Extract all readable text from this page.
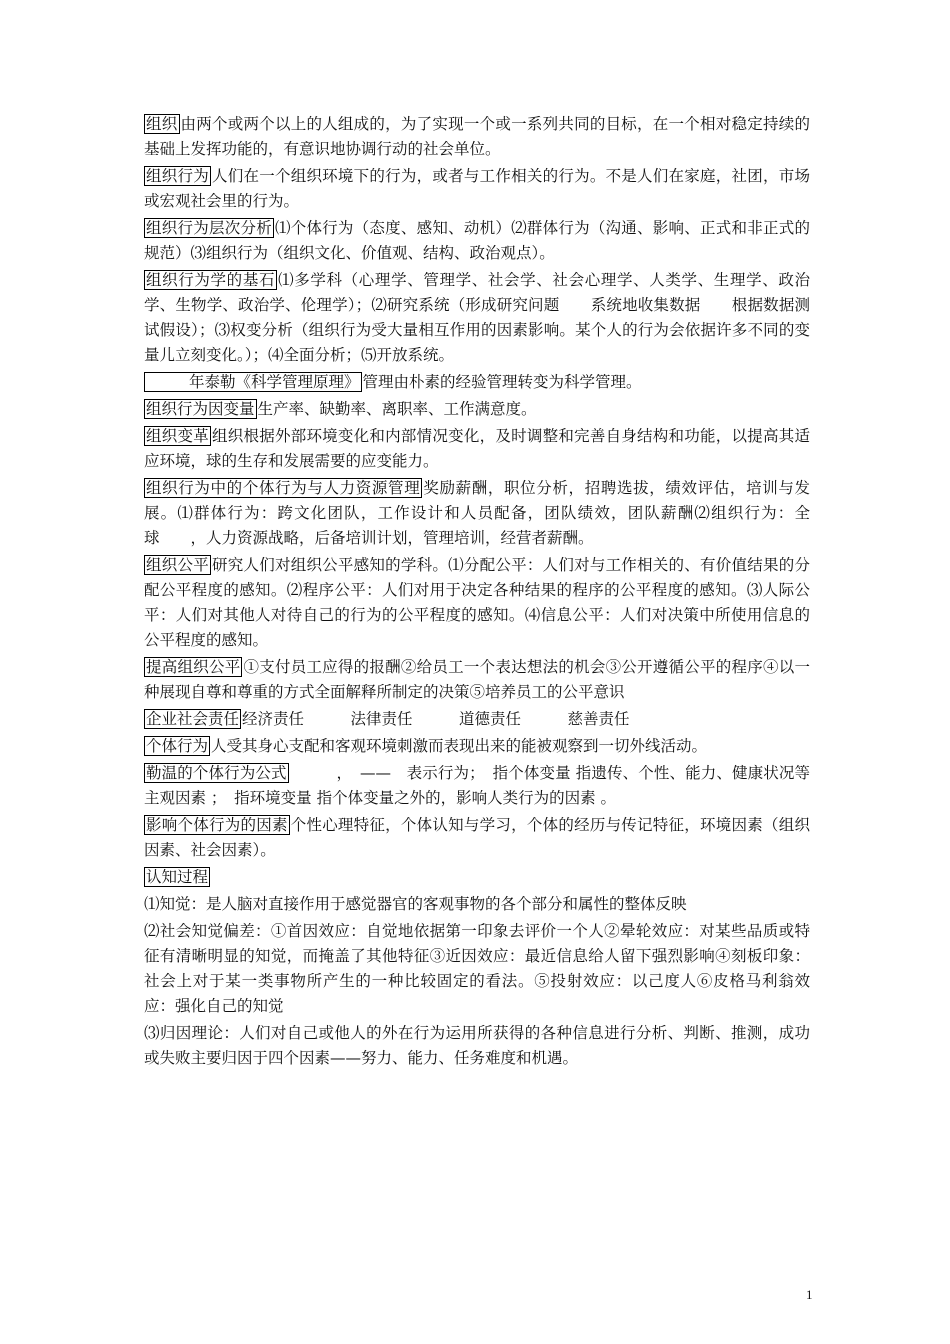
组织 由两个或两个以上的人组成的，为了实现一个或一系列共同的目标，在一个相对稳定持续的基础上发挥功能的，有意识地协调行动的社会单位。
组织行为 人们在一个组织环境下的行为，或者与工作相关的行为。不是人们在家庭，社团，市场或宏观社会里的行为。
组织行为层次分析 ⑴个体行为（态度、感知、动机）⑵群体行为（沟通、影响、正式和非正式的规范）⑶组织行为（组织文化、价值观、结构、政治观点）。
组织行为学的基石 ⑴多学科（心理学、管理学、社会学、社会心理学、人类学、生理学、政治学、生物学、政治学、伦理学）；⑵研究系统（形成研究问题　　系统地收集数据　　根据数据测试假设）；⑶权变分析（组织行为受大量相互作用的因素影响。某个人的行为会依据许多不同的变量儿立刻变化。）；⑷全面分析；⑸开放系统。
年泰勒《科学管理原理》 管理由朴素的经验管理转变为科学管理。
组织行为因变量 生产率、缺勤率、离职率、工作满意度。
组织变革 组织根据外部环境变化和内部情况变化，及时调整和完善自身结构和功能，以提高其适应环境，球的生存和发展需要的应变能力。
组织行为中的个体行为与人力资源管理 奖励薪酬，职位分析，招聘选拔，绩效评估，培训与发展。⑴群体行为：跨文化团队，工作设计和人员配备，团队绩效，团队薪酬⑵组织行为：全球　　，人力资源战略，后备培训计划，管理培训，经营者薪酬。
组织公平 研究人们对组织公平感知的学科。⑴分配公平：人们对与工作相关的、有价值结果的分配公平程度的感知。⑵程序公平：人们对用于决定各种结果的程序的公平程度的感知。⑶人际公平：人们对其他人对待自己的行为的公平程度的感知。⑷信息公平：人们对决策中所使用信息的公平程度的感知。
提高组织公平 ①支付员工应得的报酬②给员工一个表达想法的机会③公开遵循公平的程序④以一种展现自尊和尊重的方式全面解释所制定的决策⑤培养员工的公平意识
企业社会责任 经济责任　　　法律责任　　　道德责任　　　慈善责任
个体行为 人受其身心支配和客观环境刺激而表现出来的能被观察到一切外线活动。
勒温的个体行为公式　　　，　——　表示行为；　指个体变量 指遗传、个性、能力、健康状况等主观因素 ；　指环境变量 指个体变量之外的，影响人类行为的因素 。
影响个体行为的因素 个性心理特征，个体认知与学习，个体的经历与传记特征，环境因素（组织因素、社会因素）。
认知过程
⑴知觉：是人脑对直接作用于感觉器官的客观事物的各个部分和属性的整体反映
⑵社会知觉偏差：①首因效应：自觉地依据第一印象去评价一个人②晕轮效应：对某些品质或特征有清晰明显的知觉，而掩盖了其他特征③近因效应：最近信息给人留下强烈影响④刻板印象：社会上对于某一类事物所产生的一种比较固定的看法。⑤投射效应：以己度人⑥皮格马利翁效应：强化自己的知觉
⑶归因理论：人们对自己或他人的外在行为运用所获得的各种信息进行分析、判断、推测，成功或失败主要归因于四个因素——努力、能力、任务难度和机遇。
1
